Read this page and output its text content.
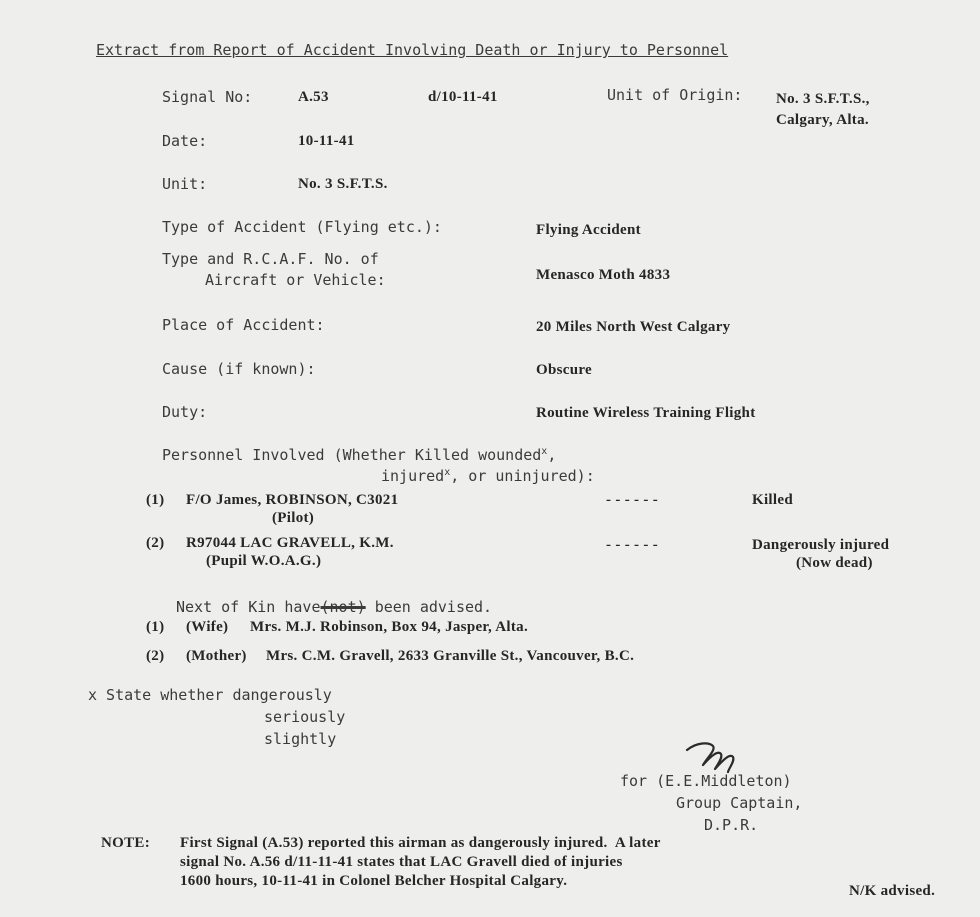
Extract from Report of Accident Involving Death or Injury to Personnel
Signal No:	A.53	d/10-11-41	Unit of Origin: No. 3 S.F.T.S.,
Calgary, Alta.
Date:	10-11-41
Unit:	No. 3 S.F.T.S.
Type of Accident (Flying etc.):	Flying Accident
Type and R.C.A.F. No. of
Aircraft or Vehicle:	Menasco Moth 4833
Place of Accident:	20 Miles North West Calgary
Cause (if known):	Obscure
Duty:	Routine Wireless Training Flight
Personnel Involved (Whether Killed wounded$^x$,
injured$^x$, or uninjured):
(1) F/O James, ROBINSON, C3021
(Pilot)
- - - - - -	Killed
(2) R97044 LAC GRAVELL, K.M.
(Pupil W.O.A.G.)
- - - - - -	Dangerously injured
(Now dead)
Next of Kin have(not) been advised.
(1) (Wife) Mrs. M.J. Robinson, Box 94, Jasper, Alta.
(2) (Mother) Mrs. C.M. Gravell, 2633 Granville St., Vancouver, B.C.
x State whether dangerously
seriously
slightly
for (E.E.Middleton)
Group Captain,
D.P.R.
NOTE: First Signal (A.53) reported this airman as dangerously injured.  A later
signal No. A.56 d/11-11-41 states that LAC Gravell died of injuries
1600 hours, 10-11-41 in Colonel Belcher Hospital Calgary.
N/K advised.
